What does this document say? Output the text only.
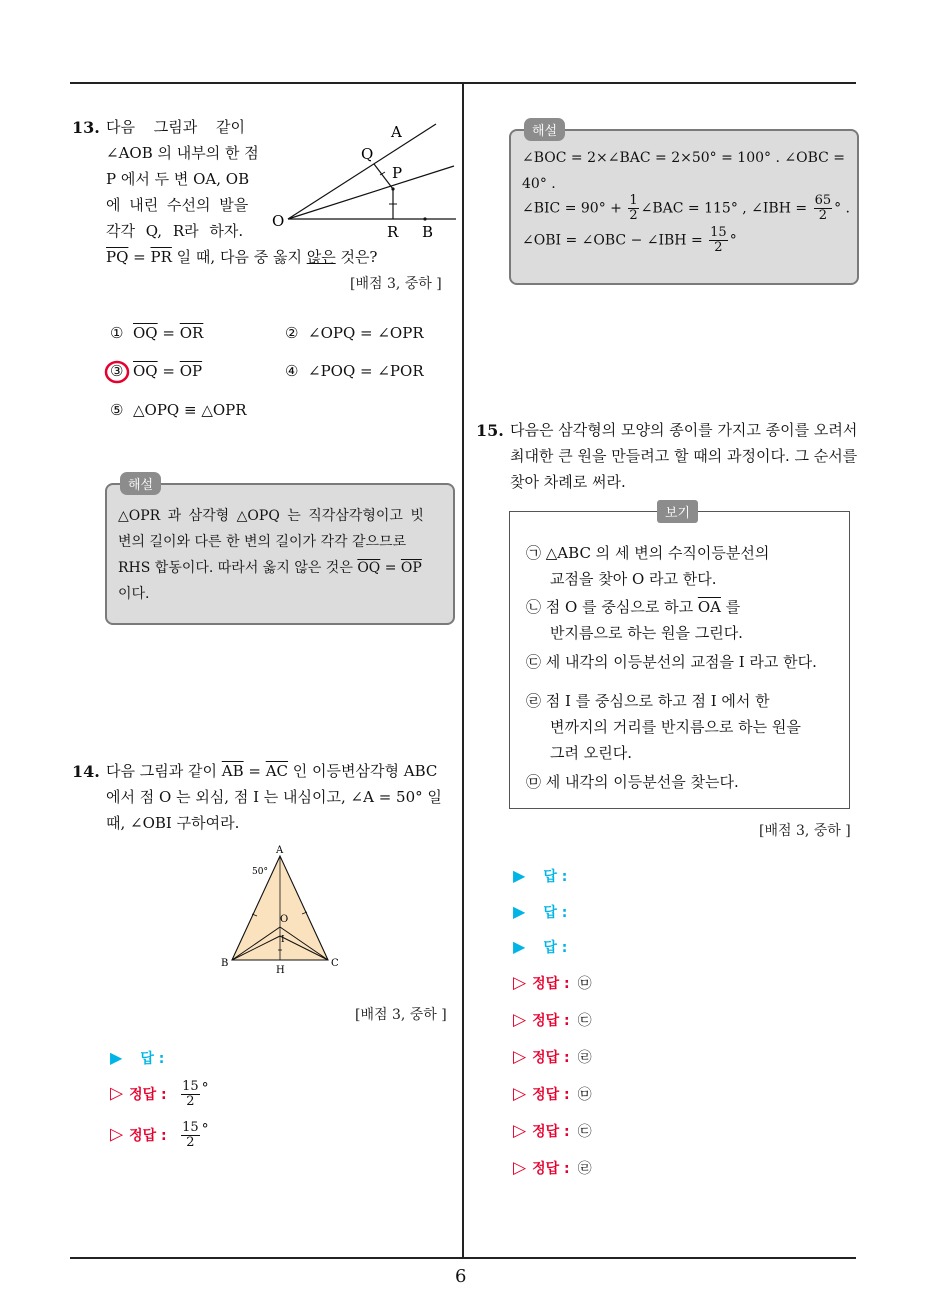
6
13. 다음 그림과 같이
∠AOB 의 내부의 한 점
P 에서 두 변 OA, OB
에 내린 수선의 발을
각각 Q, R라 하자.
$\overline{PQ} = \overline{PR}$ 일 때, 다음 중 옳지 않은 것은?
[배점 3, 중하 ]
A
Q
P
O
R B
① $\overline{OQ} = \overline{OR}$	② ∠OPQ = ∠OPR
③ $\overline{OQ} = \overline{OP}$	④ ∠POQ = ∠POR
⑤ △OPQ ≡ △OPR
해설
△OPR 과 삼각형 △OPQ 는 직각삼각형이고 빗
변의 길이와 다른 한 변의 길이가 각각 같으므로
RHS 합동이다. 따라서 옳지 않은 것은 $\overline{OQ} = \overline{OP}$
이다.
14. 다음 그림과 같이 $\overline{AB} = \overline{AC}$ 인 이등변삼각형 ABC
에서 점 O 는 외심, 점 I 는 내심이고, ∠A = 50° 일
때, ∠OBI 구하여라.
A
50°
O
I
B
H
C
[배점 3, 중하 ]
▶ 답 :
▷ 정답 : $\frac{15}{2}$ °
▷ 정답 : $\frac{15}{2}$ °
해설
∠BOC = 2×∠BAC = 2×50° = 100° . ∠OBC =
40° .
∠BIC = $90^\circ + \frac{1}{2}$ ∠BAC = 115° , ∠IBH = $\frac{65}{2}$ ° .
∠OBI = ∠OBC − ∠IBH = $\frac{15}{2}$ °
15. 다음은 삼각형의 모양의 종이를 가지고 종이를 오려서
최대한 큰 원을 만들려고 할 때의 과정이다. 그 순서를
찾아 차례로 써라.
보기
㉠ △ABC 의 세 변의 수직이등분선의
교점을 찾아 O 라고 한다.
㉡ 점 O 를 중심으로 하고 $\overline{OA}$ 를
반지름으로 하는 원을 그린다.
㉢ 세 내각의 이등분선의 교점을 I 라고 한다.
㉣ 점 I 를 중심으로 하고 점 I 에서 한
변까지의 거리를 반지름으로 하는 원을
그려 오린다.
㉤ 세 내각의 이등분선을 찾는다.
[배점 3, 중하 ]
▶ 답 :
▶ 답 :
▶ 답 :
▷ 정답 : ㉤
▷ 정답 : ㉢
▷ 정답 : ㉣
▷ 정답 : ㉤
▷ 정답 : ㉢
▷ 정답 : ㉣
